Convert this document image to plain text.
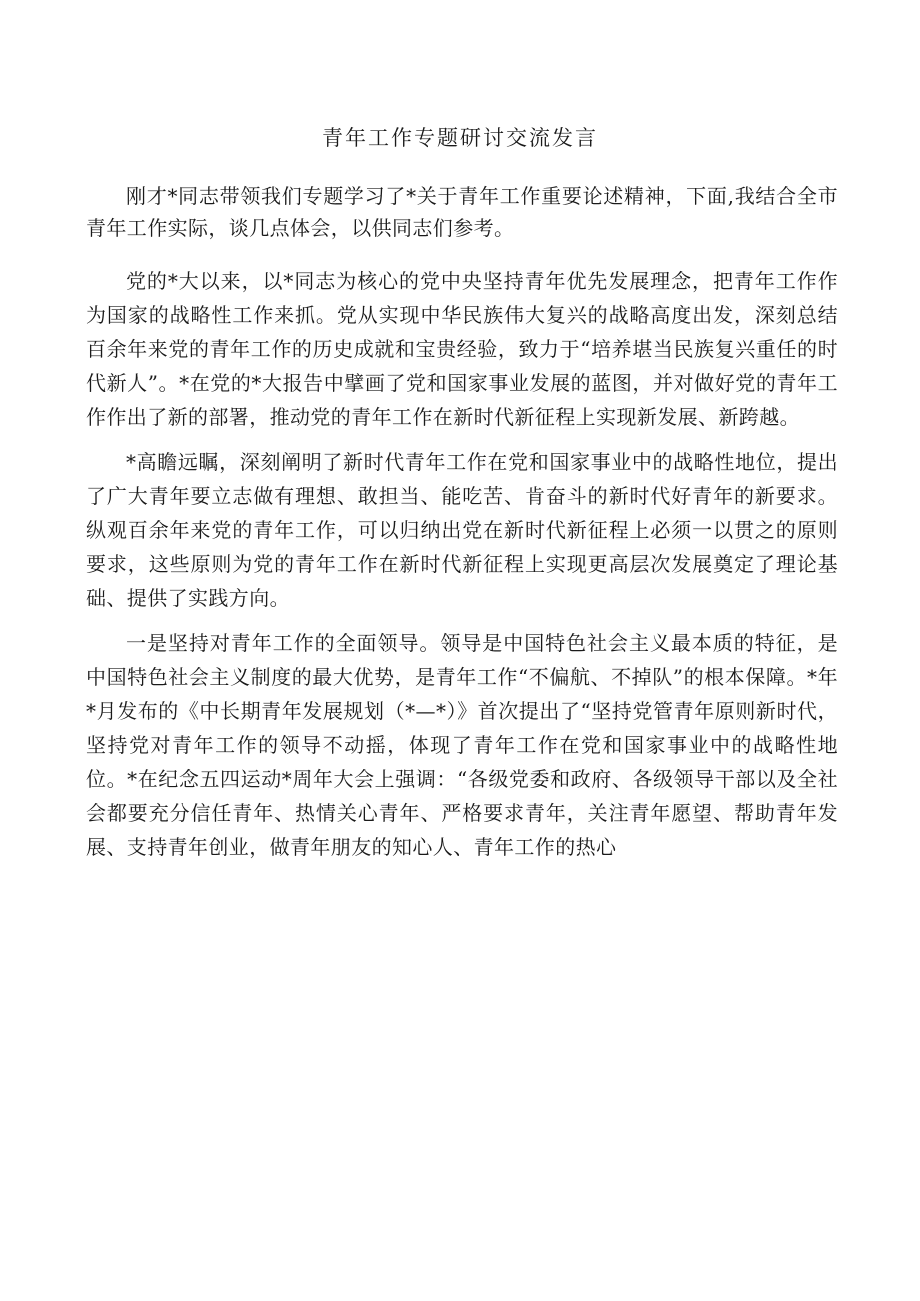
青年工作专题研讨交流发言

刚才*同志带领我们专题学习了*关于青年工作重要论述精神，下面,我结合全市青年工作实际，谈几点体会，以供同志们参考。

党的*大以来，以*同志为核心的党中央坚持青年优先发展理念，把青年工作作为国家的战略性工作来抓。党从实现中华民族伟大复兴的战略高度出发，深刻总结百余年来党的青年工作的历史成就和宝贵经验，致力于“培养堪当民族复兴重任的时代新人”。*在党的*大报告中擘画了党和国家事业发展的蓝图，并对做好党的青年工作作出了新的部署，推动党的青年工作在新时代新征程上实现新发展、新跨越。

*高瞻远瞩，深刻阐明了新时代青年工作在党和国家事业中的战略性地位，提出了广大青年要立志做有理想、敢担当、能吃苦、肯奋斗的新时代好青年的新要求。纵观百余年来党的青年工作，可以归纳出党在新时代新征程上必须一以贯之的原则要求，这些原则为党的青年工作在新时代新征程上实现更高层次发展奠定了理论基础、提供了实践方向。

一是坚持对青年工作的全面领导。领导是中国特色社会主义最本质的特征，是中国特色社会主义制度的最大优势，是青年工作“不偏航、不掉队”的根本保障。*年*月发布的《中长期青年发展规划（*—*）》首次提出了“坚持党管青年原则新时代，坚持党对青年工作的领导不动摇，体现了青年工作在党和国家事业中的战略性地位。*在纪念五四运动*周年大会上强调：“各级党委和政府、各级领导干部以及全社会都要充分信任青年、热情关心青年、严格要求青年，关注青年愿望、帮助青年发展、支持青年创业，做青年朋友的知心人、青年工作的热心
